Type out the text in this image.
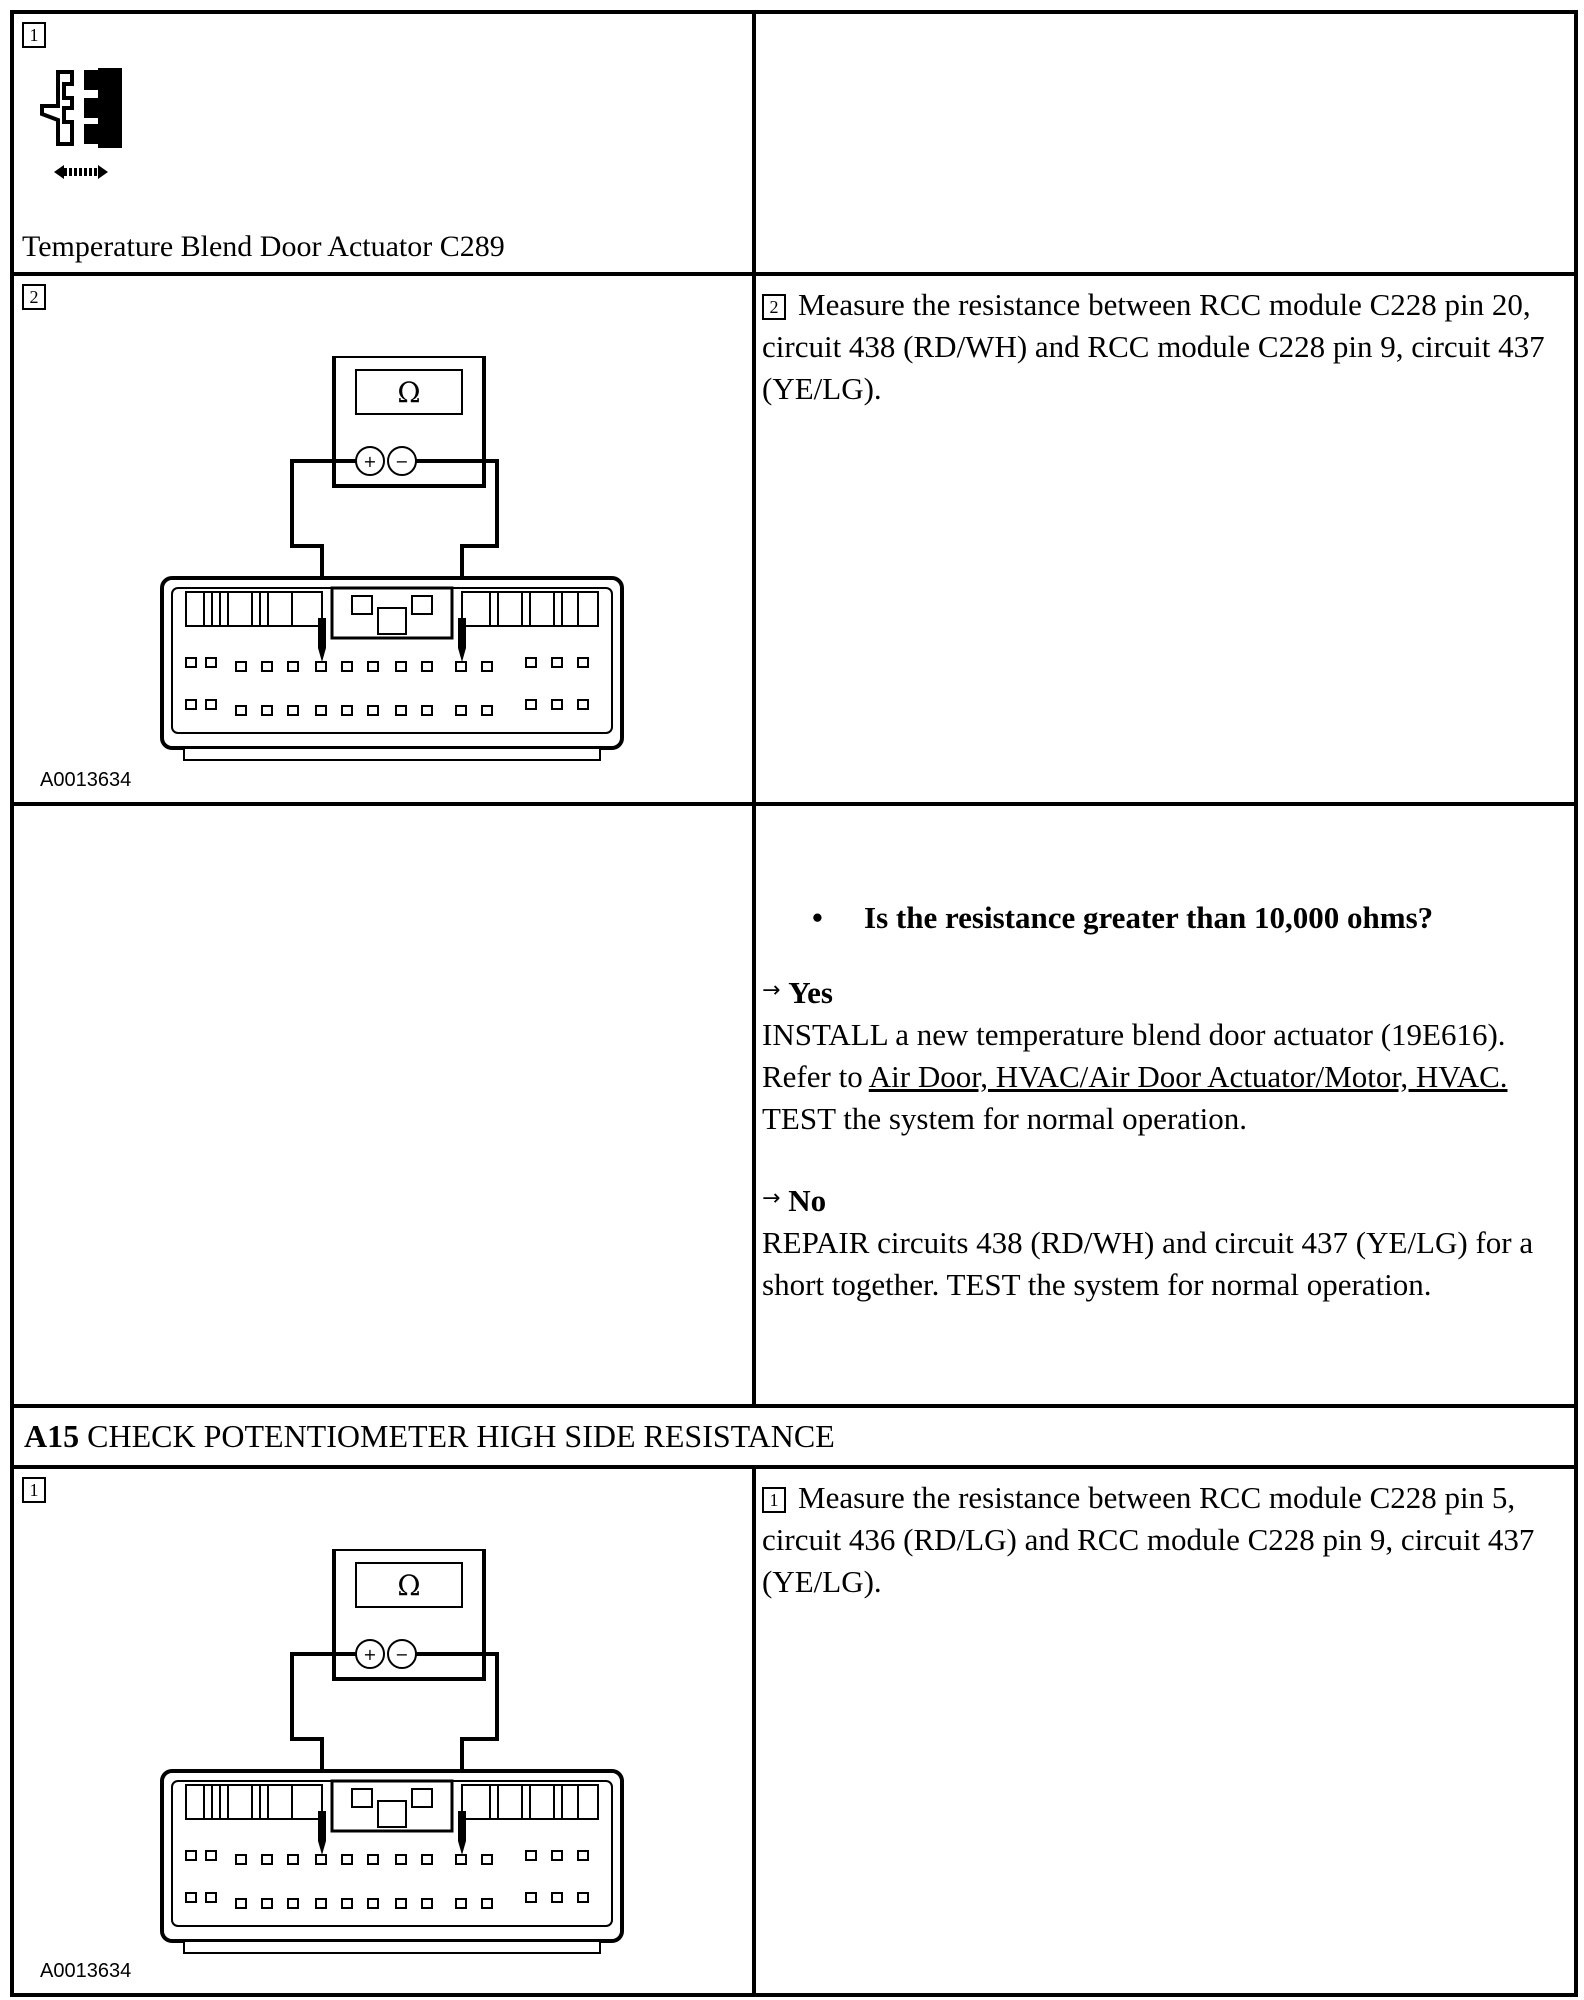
1
Temperature Blend Door Actuator C289	

2
Ω
+ −
A0013634	2 Measure the resistance between RCC module C228 pin 20, circuit 438 (RD/WH) and RCC module C228 pin 9, circuit 437 (YE/LG).

	• Is the resistance greater than 10,000 ohms?
→ Yes
INSTALL a new temperature blend door actuator (19E616). Refer to Air Door, HVAC/Air Door Actuator/Motor, HVAC. TEST the system for normal operation.
→ No
REPAIR circuits 438 (RD/WH) and circuit 437 (YE/LG) for a short together. TEST the system for normal operation.

A15 CHECK POTENTIOMETER HIGH SIDE RESISTANCE	

1
Ω
+ −
A0013634	1 Measure the resistance between RCC module C228 pin 5, circuit 436 (RD/LG) and RCC module C228 pin 9, circuit 437 (YE/LG).
